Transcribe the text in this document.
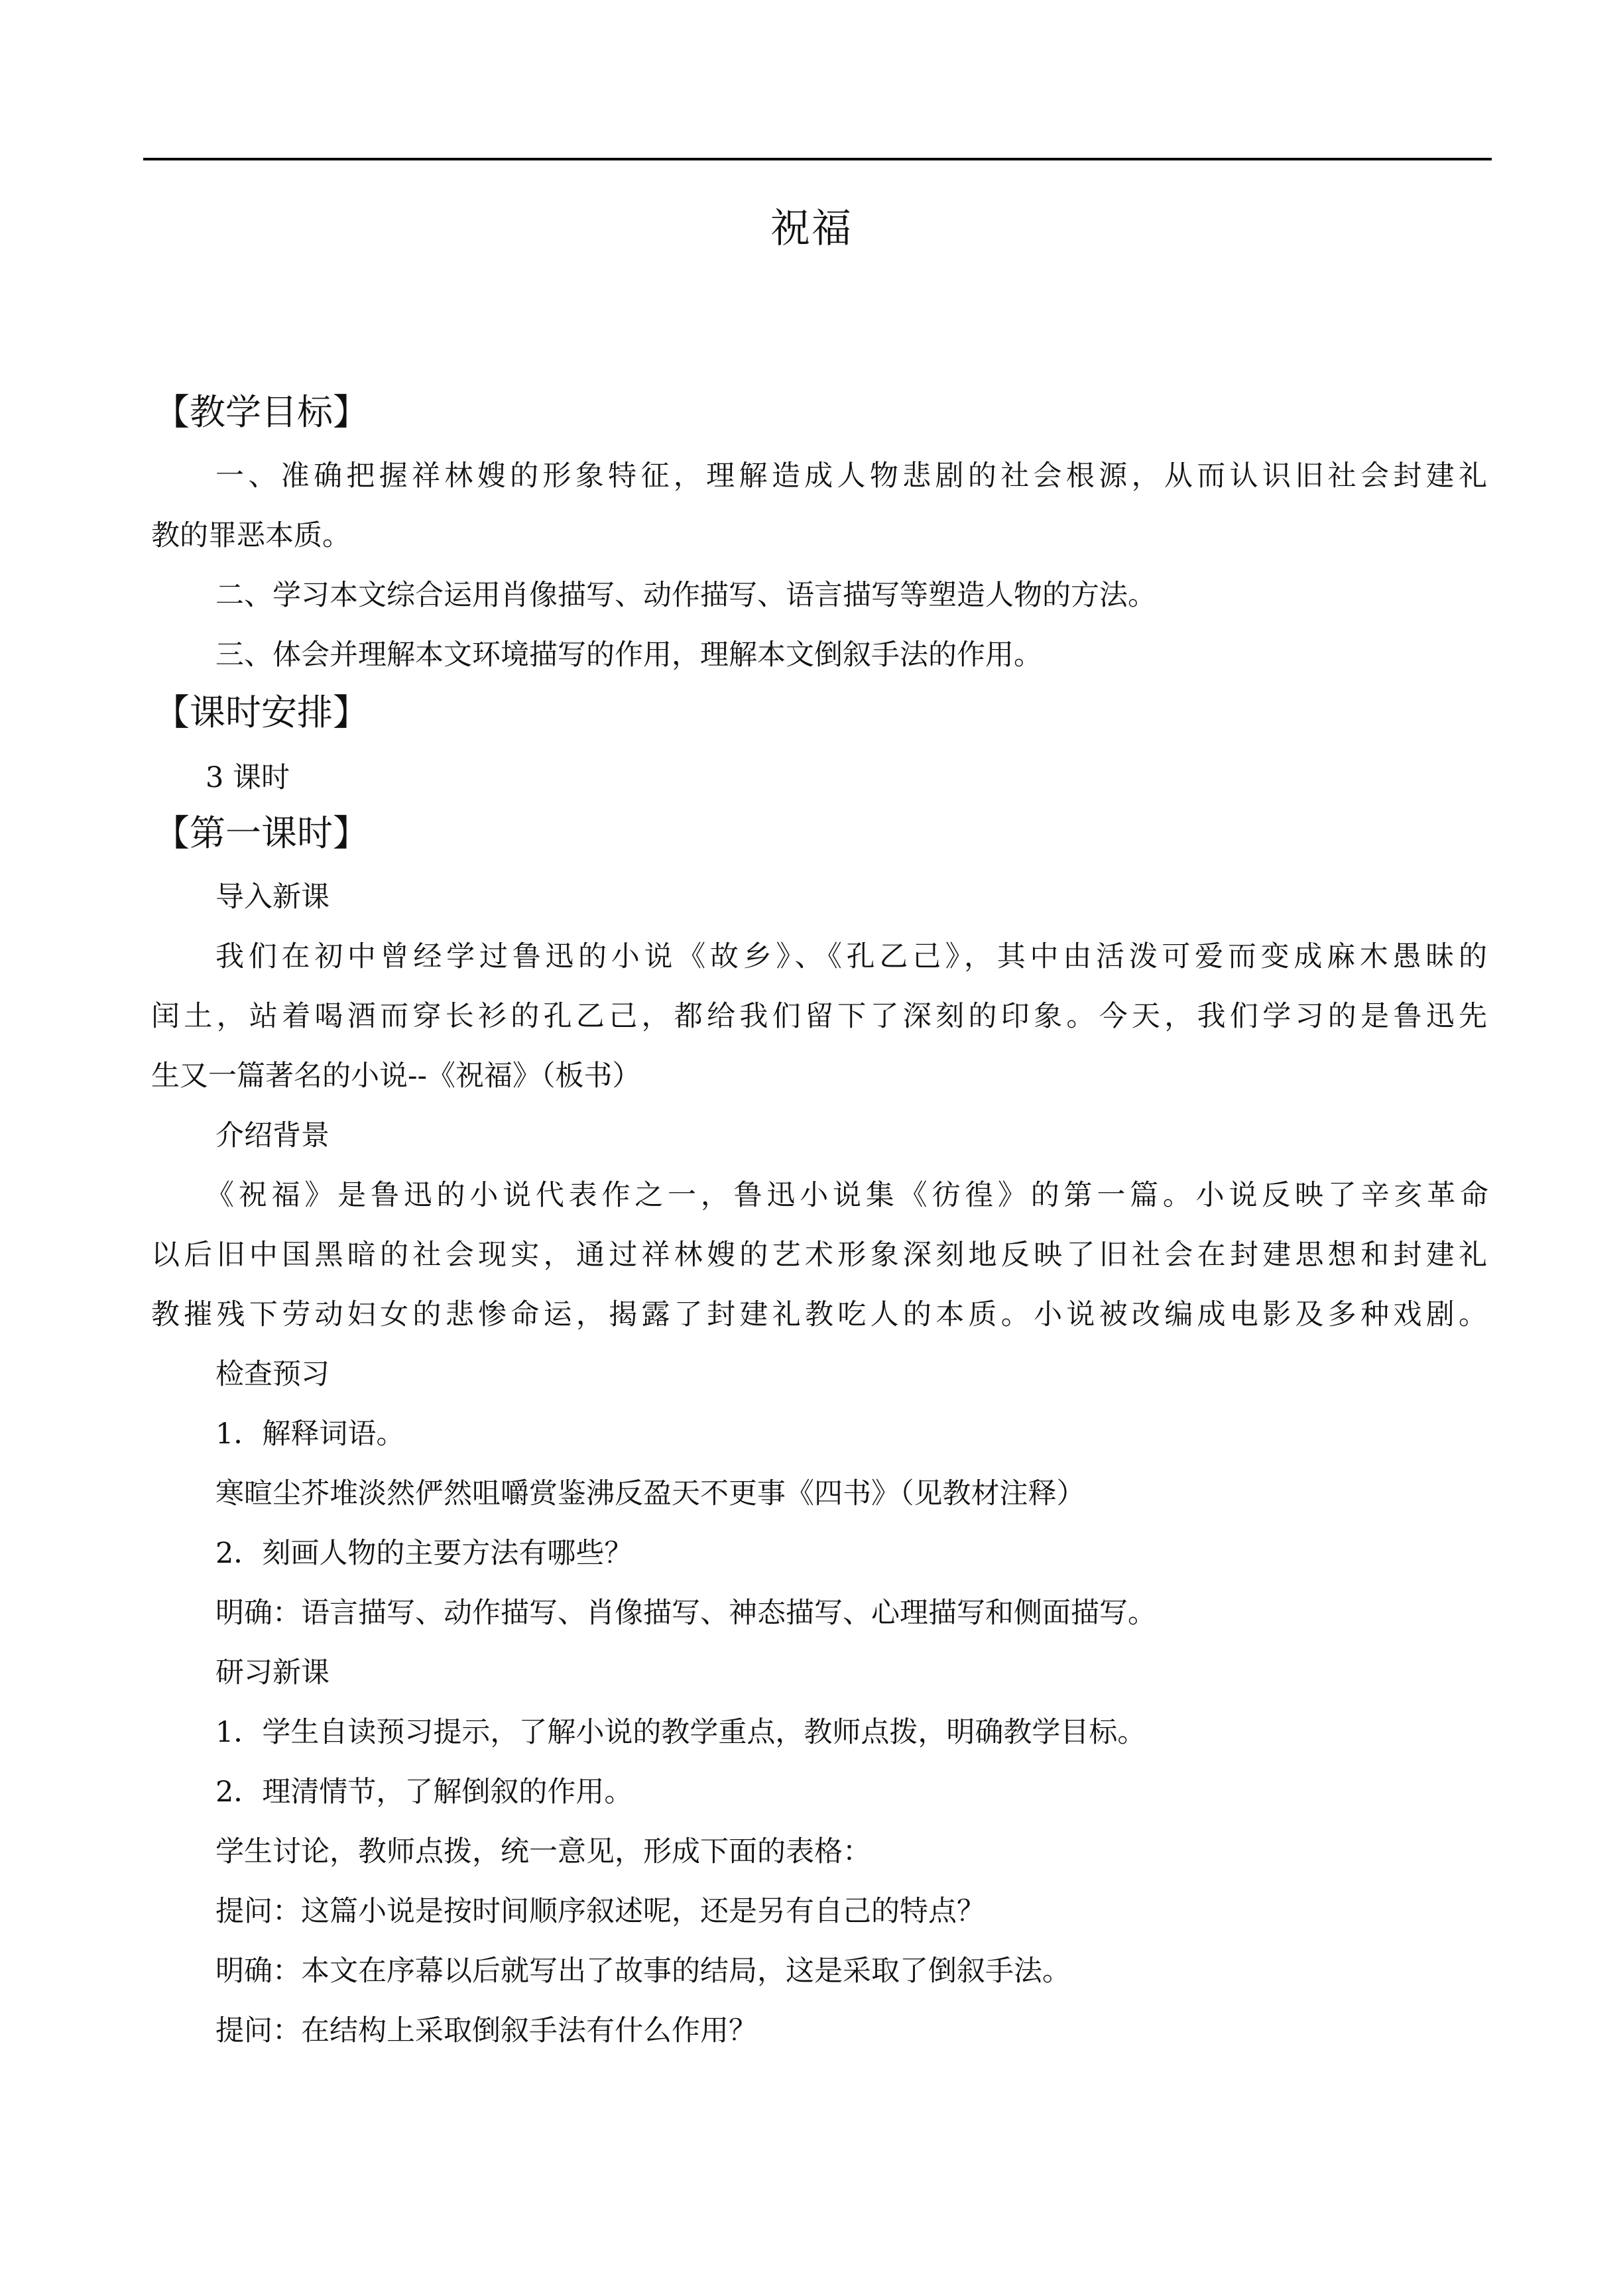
祝福
【教学目标】
一、准确把握祥林嫂的形象特征，理解造成人物悲剧的社会根源，从而认识旧社会封建礼
教的罪恶本质。
二、学习本文综合运用肖像描写、动作描写、语言描写等塑造人物的方法。
三、体会并理解本文环境描写的作用，理解本文倒叙手法的作用。
【课时安排】
3 课时
【第一课时】
导入新课
我们在初中曾经学过鲁迅的小说《故乡》、《孔乙己》，其中由活泼可爱而变成麻木愚昧的
闰土，站着喝酒而穿长衫的孔乙己，都给我们留下了深刻的印象。今天，我们学习的是鲁迅先
生又一篇著名的小说--《祝福》（板书）
介绍背景
《祝福》是鲁迅的小说代表作之一，鲁迅小说集《彷徨》的第一篇。小说反映了辛亥革命
以后旧中国黑暗的社会现实，通过祥林嫂的艺术形象深刻地反映了旧社会在封建思想和封建礼
教摧残下劳动妇女的悲惨命运，揭露了封建礼教吃人的本质。小说被改编成电影及多种戏剧。
检查预习
1．解释词语。
寒暄尘芥堆淡然俨然咀嚼赏鉴沸反盈天不更事《四书》（见教材注释）
2．刻画人物的主要方法有哪些？
明确：语言描写、动作描写、肖像描写、神态描写、心理描写和侧面描写。
研习新课
1．学生自读预习提示，了解小说的教学重点，教师点拨，明确教学目标。
2．理清情节，了解倒叙的作用。
学生讨论，教师点拨，统一意见，形成下面的表格：
提问：这篇小说是按时间顺序叙述呢，还是另有自己的特点？
明确：本文在序幕以后就写出了故事的结局，这是采取了倒叙手法。
提问：在结构上采取倒叙手法有什么作用？
